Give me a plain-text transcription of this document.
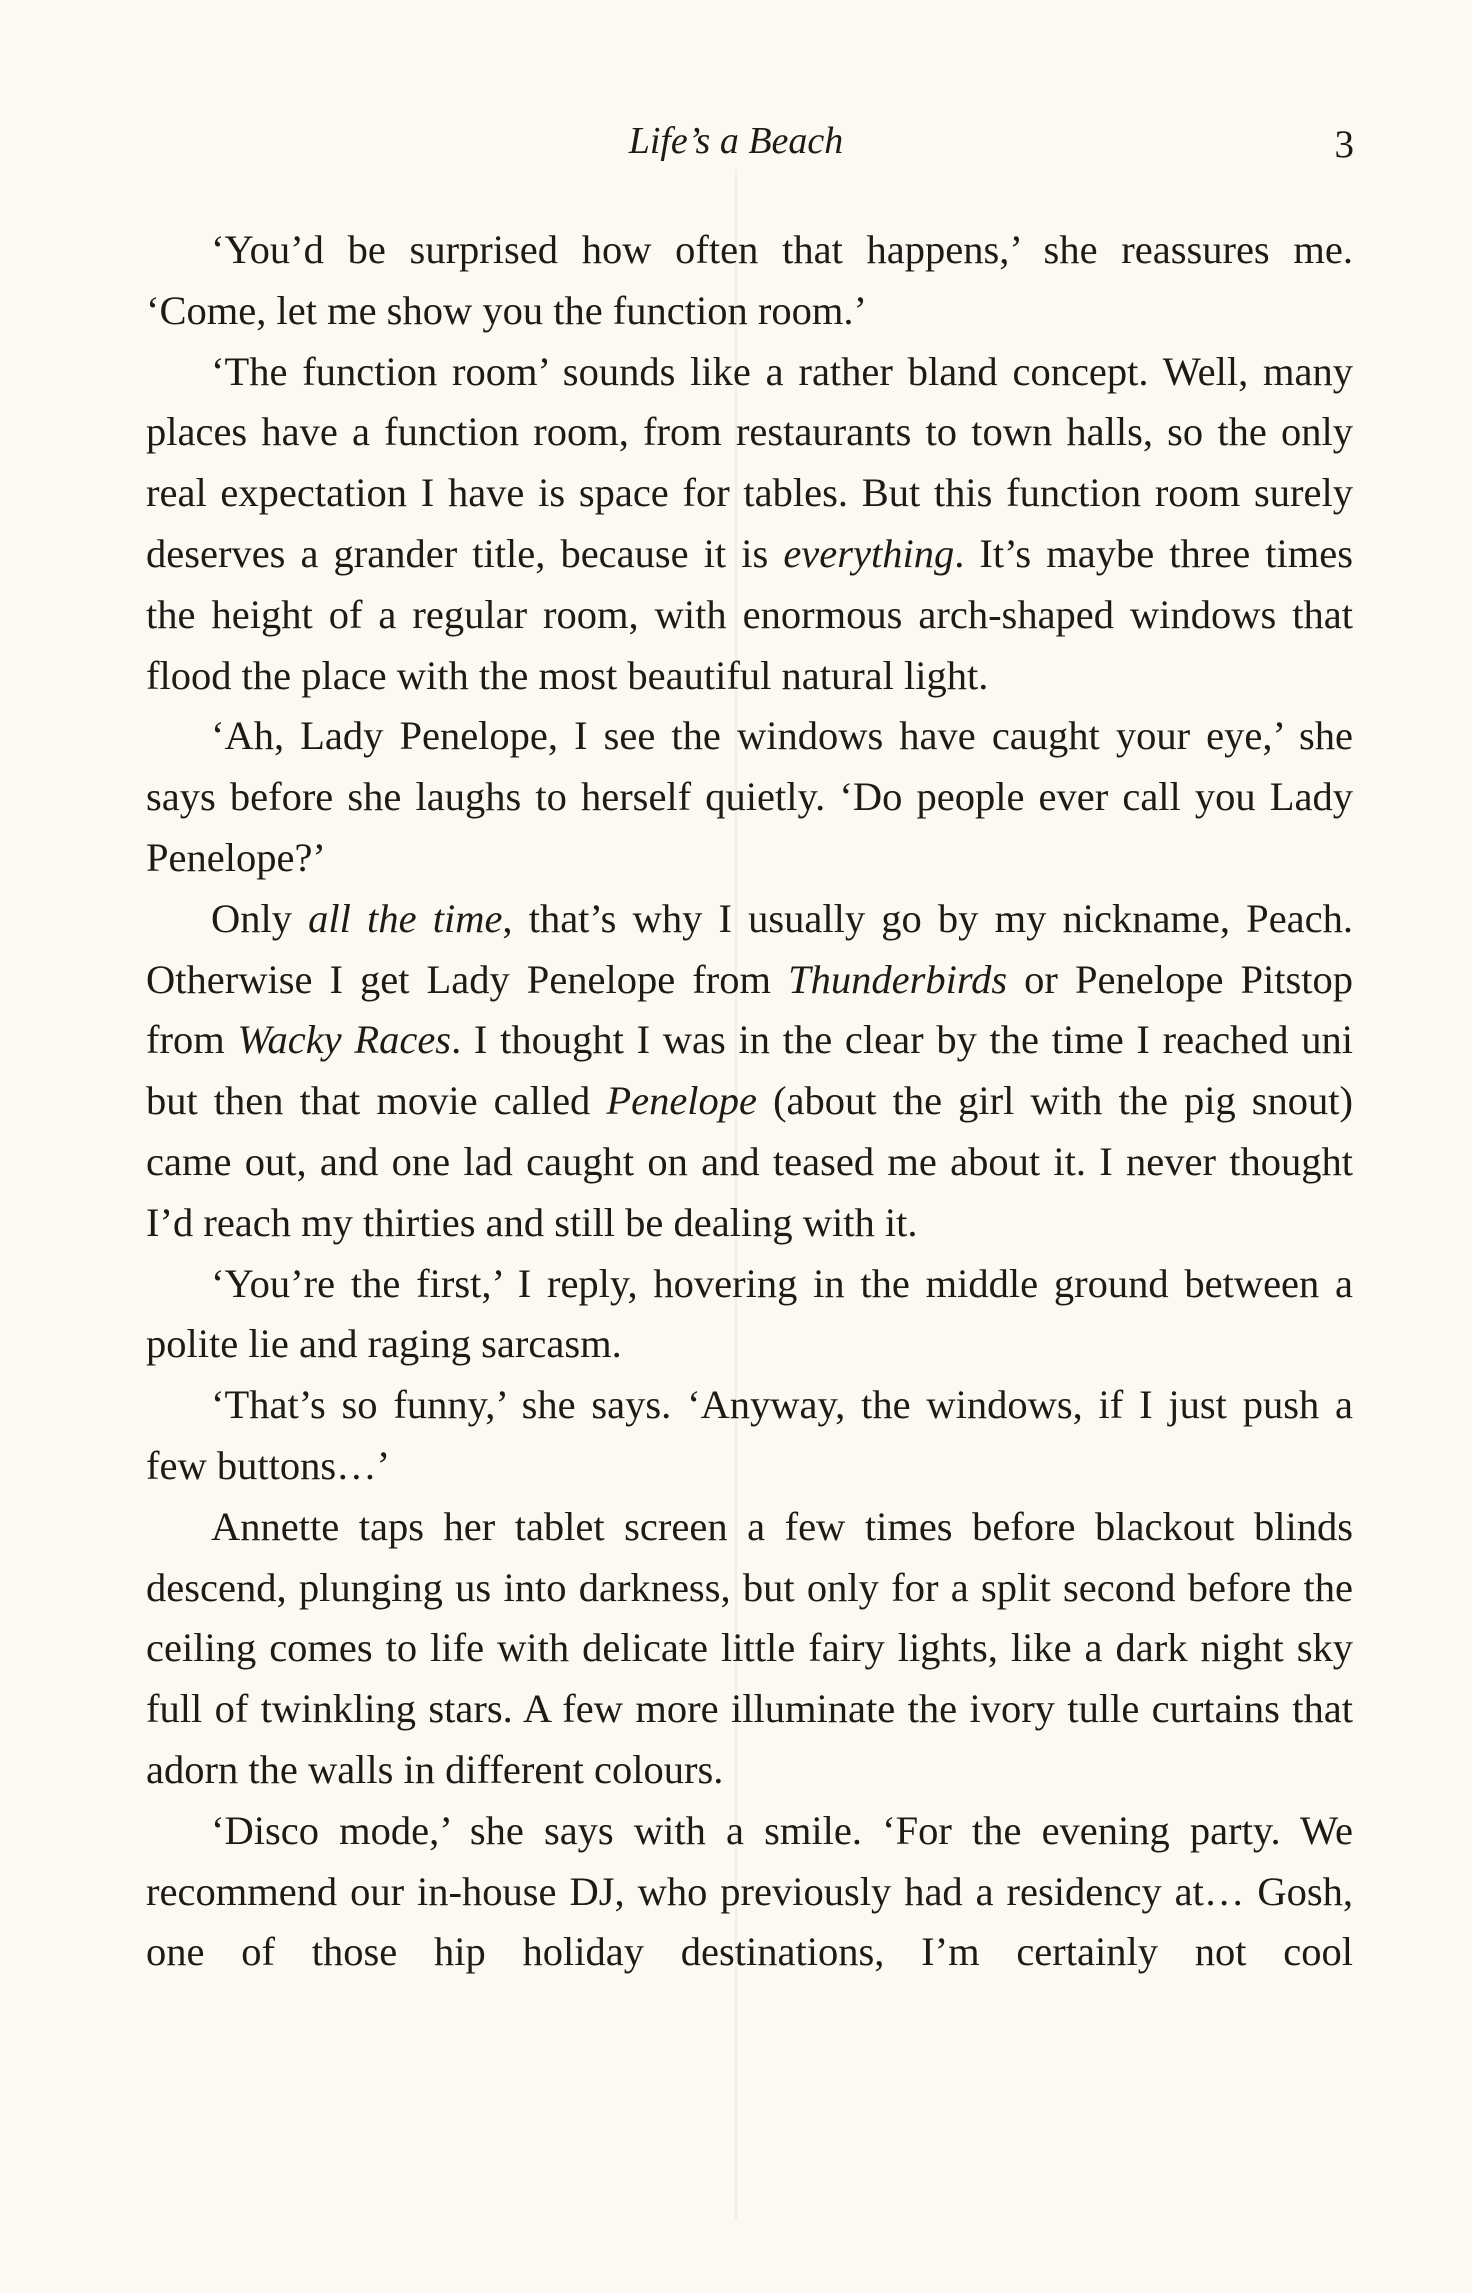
Life’s a Beach	3

‘You’d be surprised how often that happens,’ she reassures me. ‘Come, let me show you the function room.’

‘The function room’ sounds like a rather bland concept. Well, many places have a function room, from restaurants to town halls, so the only real expectation I have is space for tables. But this function room surely deserves a grander title, because it is everything. It’s maybe three times the height of a regular room, with enormous arch-shaped windows that flood the place with the most beautiful natural light.

‘Ah, Lady Penelope, I see the windows have caught your eye,’ she says before she laughs to herself quietly. ‘Do people ever call you Lady Penelope?’

Only all the time, that’s why I usually go by my nickname, Peach. Otherwise I get Lady Penelope from Thunderbirds or Penelope Pitstop from Wacky Races. I thought I was in the clear by the time I reached uni but then that movie called Penelope (about the girl with the pig snout) came out, and one lad caught on and teased me about it. I never thought I’d reach my thirties and still be dealing with it.

‘You’re the first,’ I reply, hovering in the middle ground between a polite lie and raging sarcasm.

‘That’s so funny,’ she says. ‘Anyway, the windows, if I just push a few buttons…’

Annette taps her tablet screen a few times before blackout blinds descend, plunging us into darkness, but only for a split second before the ceiling comes to life with delicate little fairy lights, like a dark night sky full of twinkling stars. A few more illuminate the ivory tulle curtains that adorn the walls in different colours.

‘Disco mode,’ she says with a smile. ‘For the evening party. We recommend our in-house DJ, who previously had a residency at… Gosh, one of those hip holiday destinations, I’m certainly not cool
